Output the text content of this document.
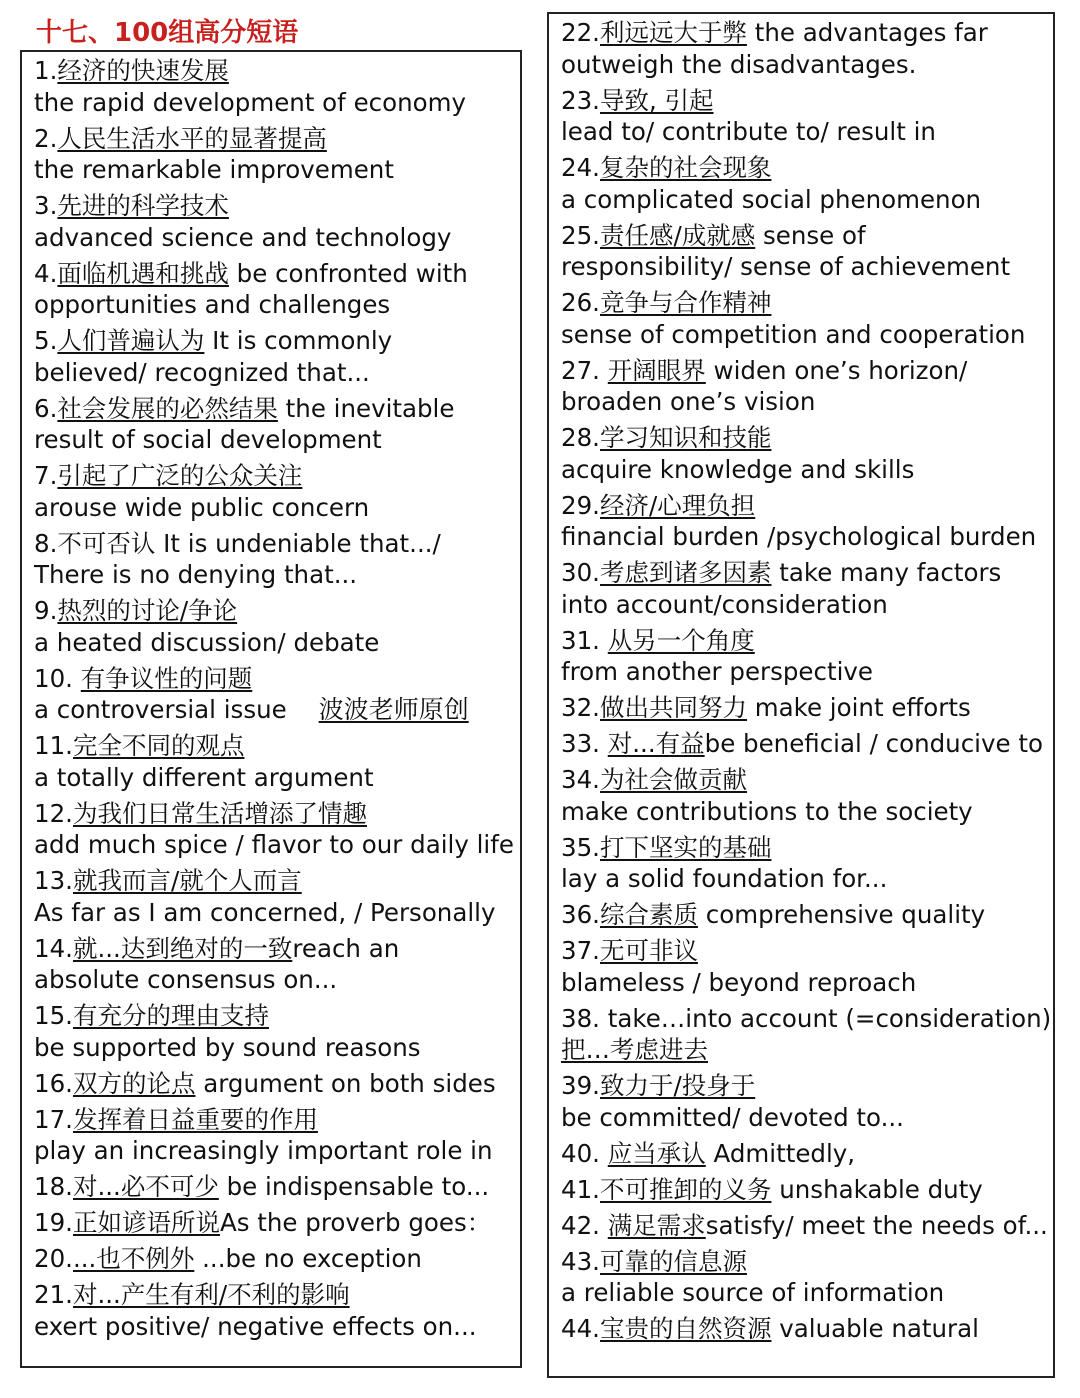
十七、100组高分短语
1.经济的快速发展
the rapid development of economy
2.人民生活水平的显著提高
the remarkable improvement
3.先进的科学技术
advanced science and technology
4.面临机遇和挑战 be confronted with
opportunities and challenges
5.人们普遍认为 It is commonly
believed/ recognized that...
6.社会发展的必然结果 the inevitable
result of social development
7.引起了广泛的公众关注
arouse wide public concern
8.不可否认 It is undeniable that.../
There is no denying that...
9.热烈的讨论/争论
a heated discussion/ debate
10. 有争议性的问题
a controversial issue 波波老师原创
11.完全不同的观点
a totally different argument
12.为我们日常生活增添了情趣
add much spice / flavor to our daily life
13.就我而言/就个人而言
As far as I am concerned, / Personally
14.就...达到绝对的一致reach an
absolute consensus on...
15.有充分的理由支持
be supported by sound reasons
16.双方的论点 argument on both sides
17.发挥着日益重要的作用
play an increasingly important role in
18.对...必不可少 be indispensable to...
19.正如谚语所说As the proverb goes：
20....也不例外 ...be no exception
21.对...产生有利/不利的影响
exert positive/ negative effects on...
22.利远远大于弊 the advantages far
outweigh the disadvantages.
23.导致, 引起
lead to/ contribute to/ result in
24.复杂的社会现象
a complicated social phenomenon
25.责任感/成就感 sense of
responsibility/ sense of achievement
26.竞争与合作精神
sense of competition and cooperation
27. 开阔眼界 widen one’s horizon/
broaden one’s vision
28.学习知识和技能
acquire knowledge and skills
29.经济/心理负担
financial burden /psychological burden
30.考虑到诸多因素 take many factors
into account/consideration
31. 从另一个角度
from another perspective
32.做出共同努力 make joint efforts
33. 对...有益be beneficial / conducive to
34.为社会做贡献
make contributions to the society
35.打下坚实的基础
lay a solid foundation for...
36.综合素质 comprehensive quality
37.无可非议
blameless / beyond reproach
38. take…into account (=consideration)
把…考虑进去
39.致力于/投身于
be committed/ devoted to...
40. 应当承认 Admittedly,
41.不可推卸的义务 unshakable duty
42. 满足需求satisfy/ meet the needs of...
43.可靠的信息源
a reliable source of information
44.宝贵的自然资源 valuable natural
